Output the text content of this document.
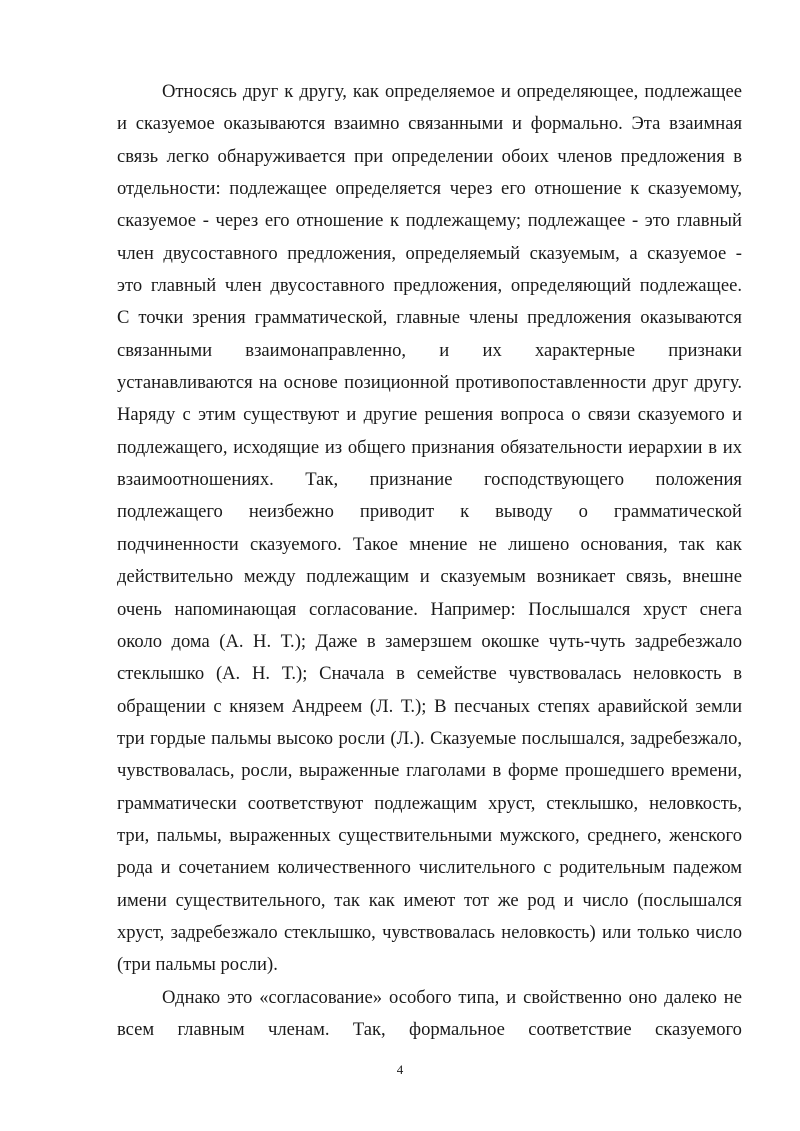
Относясь друг к другу, как определяемое и определяющее, подлежащее
и сказуемое оказываются взаимно связанными и формально. Эта взаимная
связь легко обнаруживается при определении обоих членов предложения в
отдельности: подлежащее определяется через его отношение к сказуемому,
сказуемое - через его отношение к подлежащему; подлежащее - это главный
член двусоставного предложения, определяемый сказуемым, а сказуемое -
это главный член двусоставного предложения, определяющий подлежащее.
С точки зрения грамматической, главные члены предложения оказываются
связанными взаимонаправленно, и их характерные признаки
устанавливаются на основе позиционной противопоставленности друг другу.
Наряду с этим существуют и другие решения вопроса о связи сказуемого и
подлежащего, исходящие из общего признания обязательности иерархии в их
взаимоотношениях. Так, признание господствующего положения
подлежащего неизбежно приводит к выводу о грамматической
подчиненности сказуемого. Такое мнение не лишено основания, так как
действительно между подлежащим и сказуемым возникает связь, внешне
очень напоминающая согласование. Например: Послышался хруст снега
около дома (А. Н. Т.); Даже в замерзшем окошке чуть-чуть задребезжало
стеклышко (А. Н. Т.); Сначала в семействе чувствовалась неловкость в
обращении с князем Андреем (Л. Т.); В песчаных степях аравийской земли
три гордые пальмы высоко росли (Л.). Сказуемые послышался, задребезжало,
чувствовалась, росли, выраженные глаголами в форме прошедшего времени,
грамматически соответствуют подлежащим хруст, стеклышко, неловкость,
три, пальмы, выраженных существительными мужского, среднего, женского
рода и сочетанием количественного числительного с родительным падежом
имени существительного, так как имеют тот же род и число (послышался
хруст, задребезжало стеклышко, чувствовалась неловкость) или только число
(три пальмы росли).
Однако это «согласование» особого типа, и свойственно оно далеко не
всем главным членам. Так, формальное соответствие сказуемого
4
